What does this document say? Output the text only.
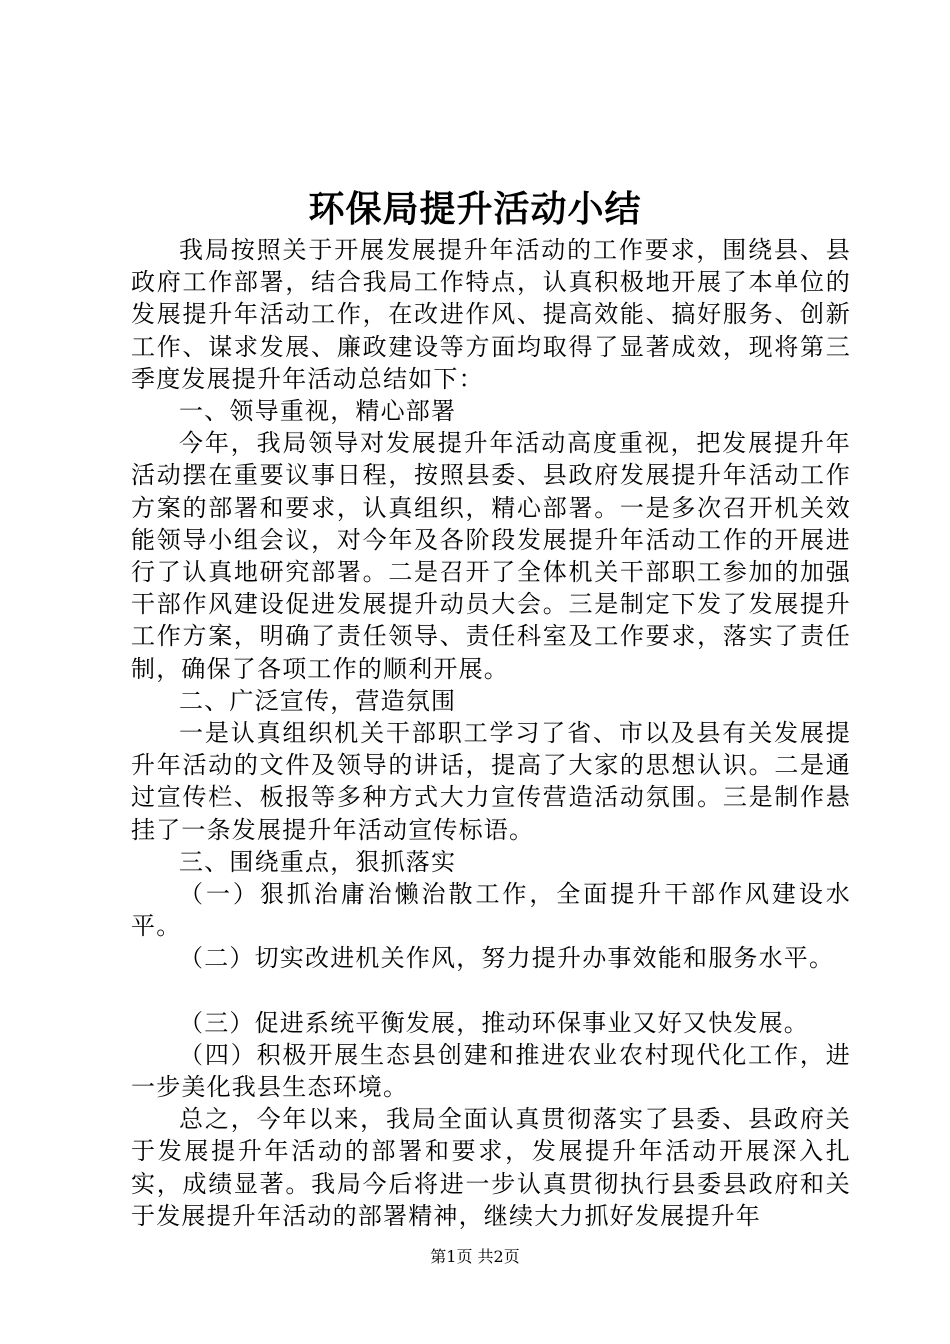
环保局提升活动小结

我局按照关于开展发展提升年活动的工作要求，围绕县、县政府工作部署，结合我局工作特点，认真积极地开展了本单位的发展提升年活动工作，在改进作风、提高效能、搞好服务、创新工作、谋求发展、廉政建设等方面均取得了显著成效，现将第三季度发展提升年活动总结如下：

一、领导重视，精心部署

今年，我局领导对发展提升年活动高度重视，把发展提升年活动摆在重要议事日程，按照县委、县政府发展提升年活动工作方案的部署和要求，认真组织，精心部署。一是多次召开机关效能领导小组会议，对今年及各阶段发展提升年活动工作的开展进行了认真地研究部署。二是召开了全体机关干部职工参加的加强干部作风建设促进发展提升动员大会。三是制定下发了发展提升工作方案，明确了责任领导、责任科室及工作要求，落实了责任制，确保了各项工作的顺利开展。

二、广泛宣传，营造氛围

一是认真组织机关干部职工学习了省、市以及县有关发展提升年活动的文件及领导的讲话，提高了大家的思想认识。二是通过宣传栏、板报等多种方式大力宣传营造活动氛围。三是制作悬挂了一条发展提升年活动宣传标语。

三、围绕重点，狠抓落实

（一）狠抓治庸治懒治散工作，全面提升干部作风建设水平。

（二）切实改进机关作风，努力提升办事效能和服务水平。

（三）促进系统平衡发展，推动环保事业又好又快发展。

（四）积极开展生态县创建和推进农业农村现代化工作，进一步美化我县生态环境。

总之，今年以来，我局全面认真贯彻落实了县委、县政府关于发展提升年活动的部署和要求，发展提升年活动开展深入扎实，成绩显著。我局今后将进一步认真贯彻执行县委县政府和关于发展提升年活动的部署精神，继续大力抓好发展提升年

第1页 共2页
